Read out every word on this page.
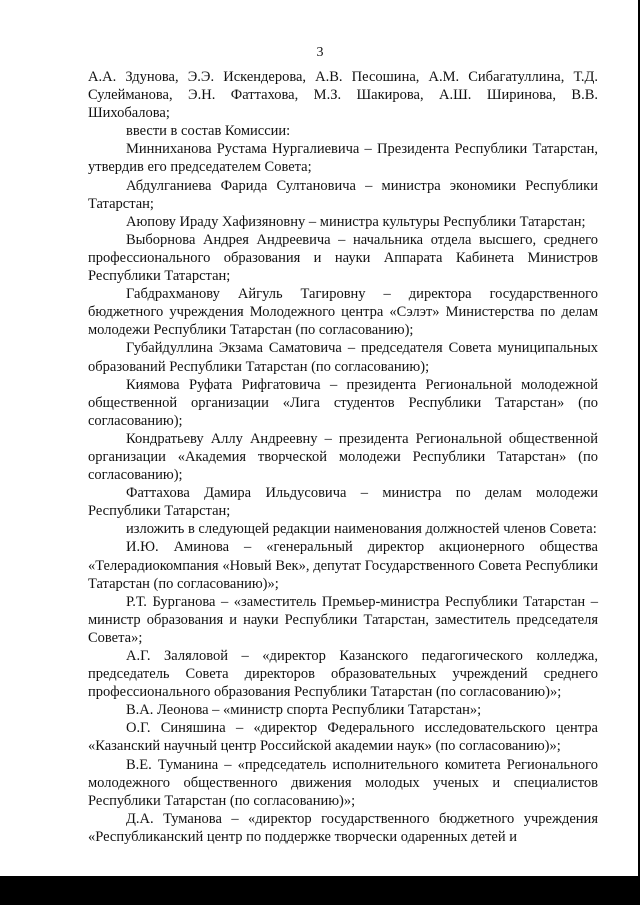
3

А.А. Здунова, Э.Э. Искендерова, А.В. Песошина, А.М. Сибагатуллина, Т.Д. Сулейманова, Э.Н. Фаттахова, М.З. Шакирова, А.Ш. Ширинова, В.В. Шихобалова;

ввести в состав Комиссии:

Минниханова Рустама Нургалиевича – Президента Республики Татарстан, утвердив его председателем Совета;

Абдулганиева Фарида Султановича – министра экономики Республики Татарстан;

Аюпову Ираду Хафизяновну – министра культуры Республики Татарстан;

Выборнова Андрея Андреевича – начальника отдела высшего, среднего профессионального образования и науки Аппарата Кабинета Министров Республики Татарстан;

Габдрахманову Айгуль Тагировну – директора государственного бюджетного учреждения Молодежного центра «Сэлэт» Министерства по делам молодежи Республики Татарстан (по согласованию);

Губайдуллина Экзама Саматовича – председателя Совета муниципальных образований Республики Татарстан (по согласованию);

Киямова Руфата Рифгатовича – президента Региональной молодежной общественной организации «Лига студентов Республики Татарстан» (по согласованию);

Кондратьеву Аллу Андреевну – президента Региональной общественной организации «Академия творческой молодежи Республики Татарстан» (по согласованию);

Фаттахова Дамира Ильдусовича – министра по делам молодежи Республики Татарстан;

изложить в следующей редакции наименования должностей членов Совета:

И.Ю. Аминова – «генеральный директор акционерного общества «Телерадиокомпания «Новый Век», депутат Государственного Совета Республики Татарстан (по согласованию)»;

Р.Т. Бурганова – «заместитель Премьер-министра Республики Татарстан – министр образования и науки Республики Татарстан, заместитель председателя Совета»;

А.Г. Заляловой – «директор Казанского педагогического колледжа, председатель Совета директоров образовательных учреждений среднего профессионального образования Республики Татарстан (по согласованию)»;

В.А. Леонова – «министр спорта Республики Татарстан»;

О.Г. Синяшина – «директор Федерального исследовательского центра «Казанский научный центр Российской академии наук» (по согласованию)»;

В.Е. Туманина – «председатель исполнительного комитета Регионального молодежного общественного движения молодых ученых и специалистов Республики Татарстан (по согласованию)»;

Д.А. Туманова – «директор государственного бюджетного учреждения «Республиканский центр по поддержке творчески одаренных детей и
